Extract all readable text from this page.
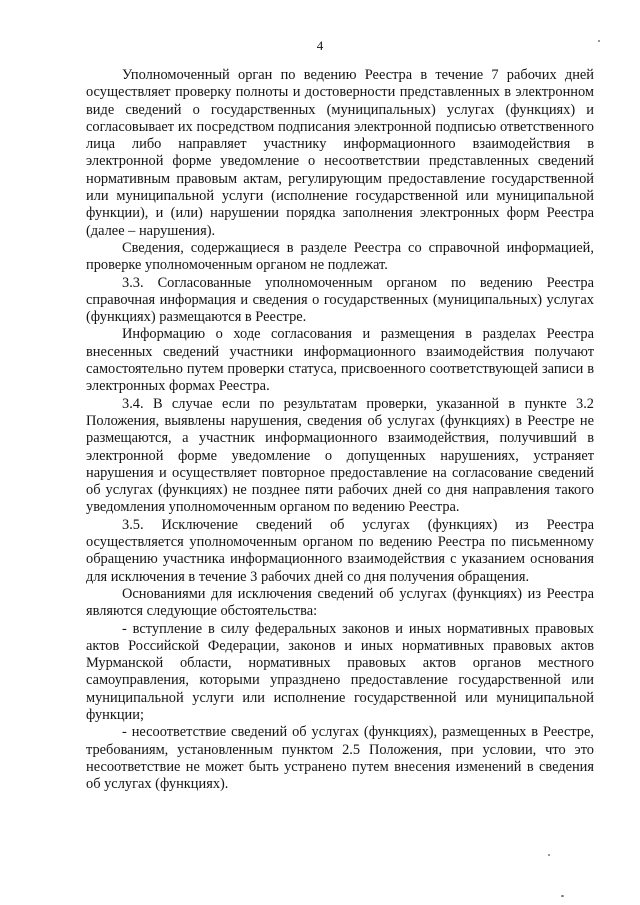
4

Уполномоченный орган по ведению Реестра в течение 7 рабочих дней осуществляет проверку полноты и достоверности представленных в электронном виде сведений о государственных (муниципальных) услугах (функциях) и согласовывает их посредством подписания электронной подписью ответственного лица либо направляет участнику информационного взаимодействия в электронной форме уведомление о несоответствии представленных сведений нормативным правовым актам, регулирующим предоставление государственной или муниципальной услуги (исполнение государственной или муниципальной функции), и (или) нарушении порядка заполнения электронных форм Реестра (далее – нарушения).

Сведения, содержащиеся в разделе Реестра со справочной информацией, проверке уполномоченным органом не подлежат.

3.3. Согласованные уполномоченным органом по ведению Реестра справочная информация и сведения о государственных (муниципальных) услугах (функциях) размещаются в Реестре.

Информацию о ходе согласования и размещения в разделах Реестра внесенных сведений участники информационного взаимодействия получают самостоятельно путем проверки статуса, присвоенного соответствующей записи в электронных формах Реестра.

3.4. В случае если по результатам проверки, указанной в пункте 3.2 Положения, выявлены нарушения, сведения об услугах (функциях) в Реестре не размещаются, а участник информационного взаимодействия, получивший в электронной форме уведомление о допущенных нарушениях, устраняет нарушения и осуществляет повторное предоставление на согласование сведений об услугах (функциях) не позднее пяти рабочих дней со дня направления такого уведомления уполномоченным органом по ведению Реестра.

3.5. Исключение сведений об услугах (функциях) из Реестра осуществляется уполномоченным органом по ведению Реестра по письменному обращению участника информационного взаимодействия с указанием основания для исключения в течение 3 рабочих дней со дня получения обращения.

Основаниями для исключения сведений об услугах (функциях) из Реестра являются следующие обстоятельства:

- вступление в силу федеральных законов и иных нормативных правовых актов Российской Федерации, законов и иных нормативных правовых актов Мурманской области, нормативных правовых актов органов местного самоуправления, которыми упразднено предоставление государственной или муниципальной услуги или исполнение государственной или муниципальной функции;

- несоответствие сведений об услугах (функциях), размещенных в Реестре, требованиям, установленным пунктом 2.5 Положения, при условии, что это несоответствие не может быть устранено путем внесения изменений в сведения об услугах (функциях).
